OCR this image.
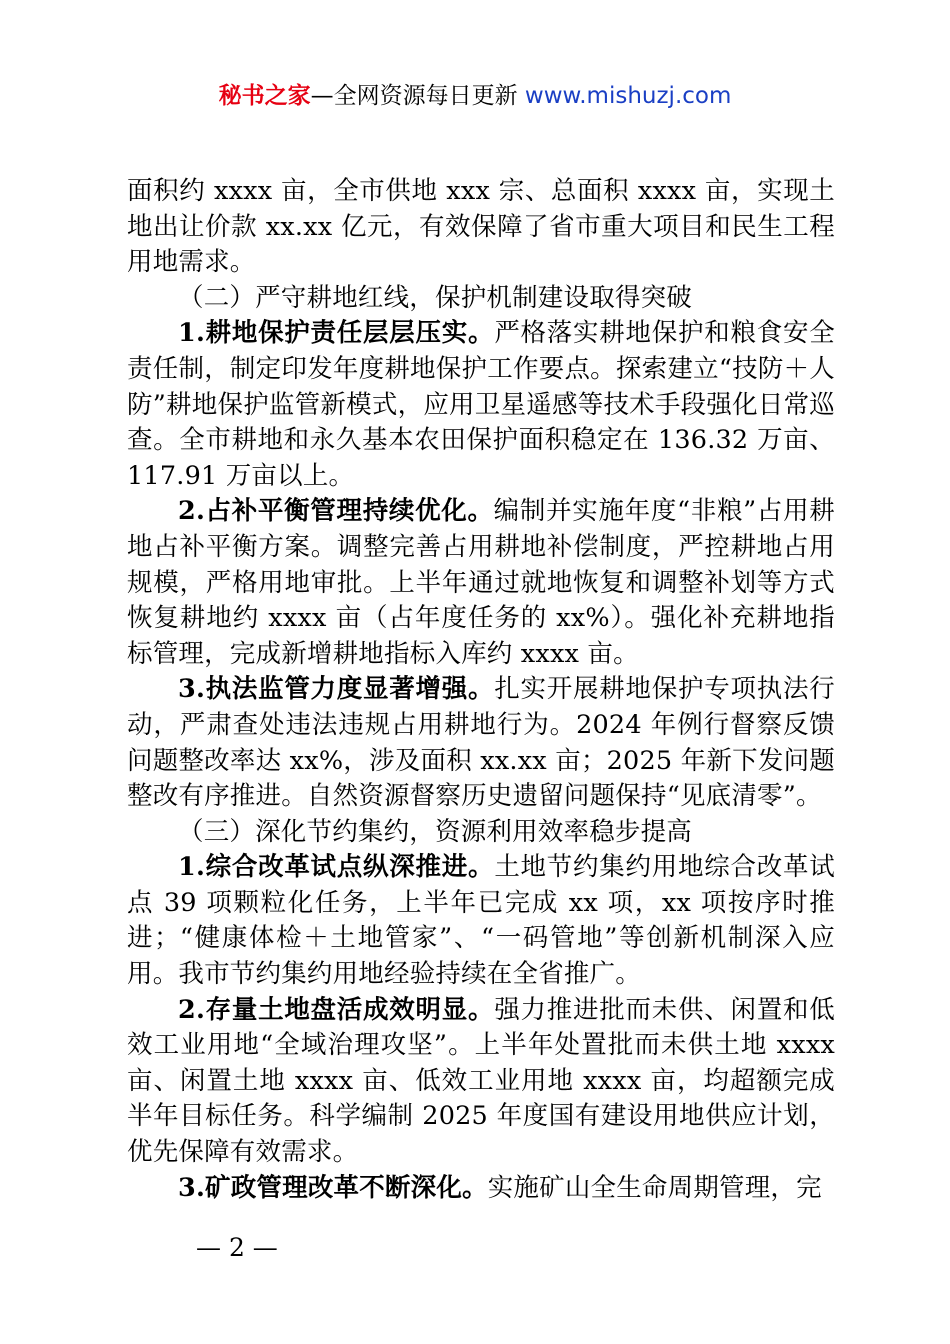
秘书之家—全网资源每日更新 www.mishuzj.com

面积约 xxxx 亩，全市供地 xxx 宗、总面积 xxxx 亩，实现土地出让价款 xx.xx 亿元，有效保障了省市重大项目和民生工程用地需求。

（二）严守耕地红线，保护机制建设取得突破

1.耕地保护责任层层压实。严格落实耕地保护和粮食安全责任制，制定印发年度耕地保护工作要点。探索建立“技防＋人防”耕地保护监管新模式，应用卫星遥感等技术手段强化日常巡查。全市耕地和永久基本农田保护面积稳定在 136.32 万亩、117.91 万亩以上。

2.占补平衡管理持续优化。编制并实施年度“非粮”占用耕地占补平衡方案。调整完善占用耕地补偿制度，严控耕地占用规模，严格用地审批。上半年通过就地恢复和调整补划等方式恢复耕地约 xxxx 亩（占年度任务的 xx%）。强化补充耕地指标管理，完成新增耕地指标入库约 xxxx 亩。

3.执法监管力度显著增强。扎实开展耕地保护专项执法行动，严肃查处违法违规占用耕地行为。2024 年例行督察反馈问题整改率达 xx%，涉及面积 xx.xx 亩；2025 年新下发问题整改有序推进。自然资源督察历史遗留问题保持“见底清零”。

（三）深化节约集约，资源利用效率稳步提高

1.综合改革试点纵深推进。土地节约集约用地综合改革试点 39 项颗粒化任务，上半年已完成 xx 项，xx 项按序时推进；“健康体检＋土地管家”、“一码管地”等创新机制深入应用。我市节约集约用地经验持续在全省推广。

2.存量土地盘活成效明显。强力推进批而未供、闲置和低效工业用地“全域治理攻坚”。上半年处置批而未供土地 xxxx 亩、闲置土地 xxxx 亩、低效工业用地 xxxx 亩，均超额完成半年目标任务。科学编制 2025 年度国有建设用地供应计划，优先保障有效需求。

3.矿政管理改革不断深化。实施矿山全生命周期管理，完

— 2 —
